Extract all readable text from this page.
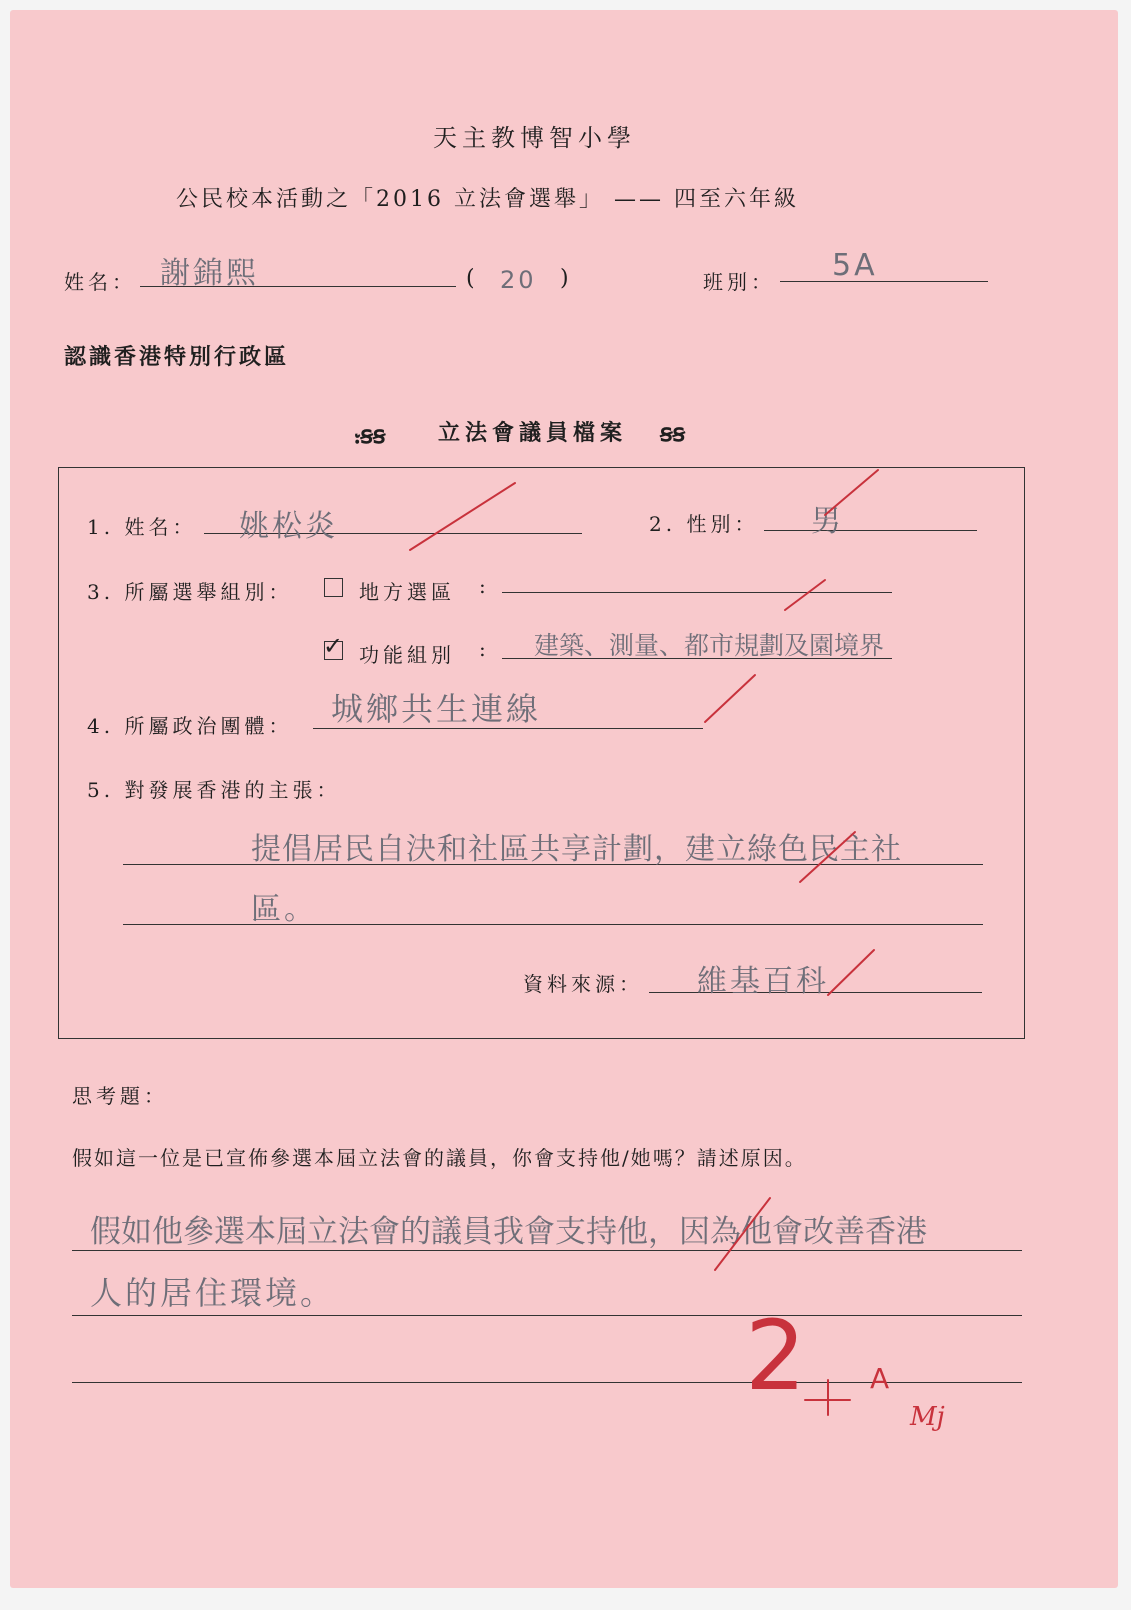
天主教博智小學
公民校本活動之「2016 立法會選舉」 —— 四至六年級
姓名： 謝錦熙	( 20 )	班別： 5A
認識香港特別行政區
⹎ꞩꞩ 立法會議員檔案 ꞩꞩ
1. 姓名： 姚松炎	2. 性別： 男
3. 所屬選舉組別：	地方選區 :
✓ 功能組別 : 建築、測量、都市規劃及園境界
4. 所屬政治團體： 城鄉共生連線
5. 對發展香港的主張：
提倡居民自決和社區共享計劃，建立綠色民主社
區。
資料來源： 維基百科
思考題：
假如這一位是已宣佈參選本屆立法會的議員，你會支持他/她嗎？請述原因。
假如他參選本屆立法會的議員我會支持他，因為他會改善香港
人的居住環境。
2 A
Mj
